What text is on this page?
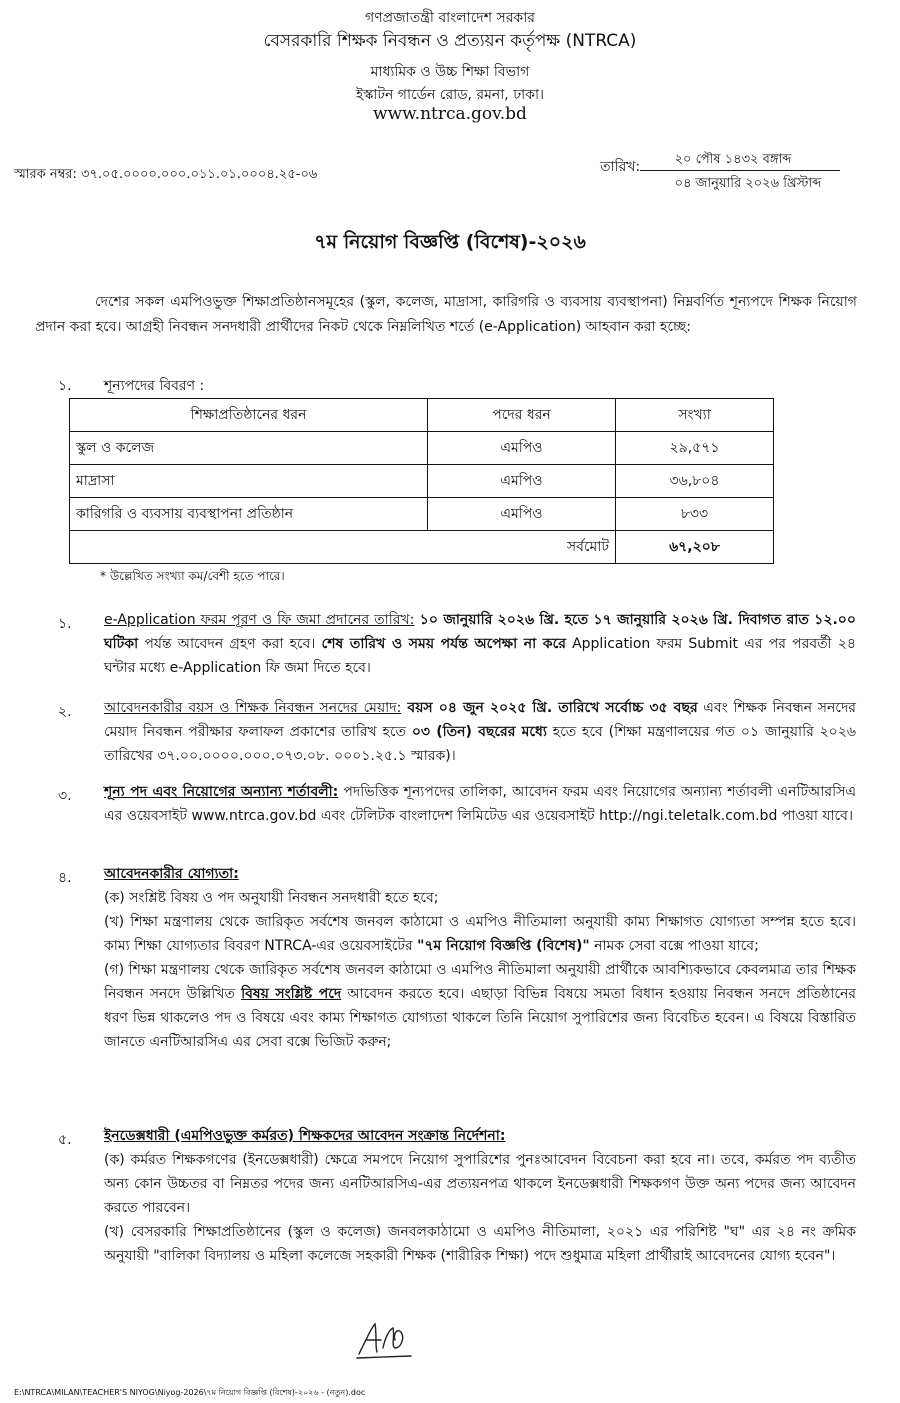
গণপ্রজাতন্ত্রী বাংলাদেশ সরকার
বেসরকারি শিক্ষক নিবন্ধন ও প্রত্যয়ন কর্তৃপক্ষ (NTRCA)
মাধ্যমিক ও উচ্চ শিক্ষা বিভাগ
ইস্কাটন গার্ডেন রোড, রমনা, ঢাকা।
www.ntrca.gov.bd
স্মারক নম্বর: ৩৭.০৫.০০০০.০০০.০১১.০১.০০০৪.২৫-০৬	তারিখ:	২০ পৌষ ১৪৩২ বঙ্গাব্দ
০৪ জানুয়ারি ২০২৬ খ্রিস্টাব্দ
৭ম নিয়োগ বিজ্ঞপ্তি (বিশেষ)-২০২৬
দেশের সকল এমপিওভুক্ত শিক্ষাপ্রতিষ্ঠানসমূহের (স্কুল, কলেজ, মাদ্রাসা, কারিগরি ও ব্যবসায় ব্যবস্থাপনা) নিম্নবর্ণিত শূন্যপদে শিক্ষক নিয়োগ প্রদান করা হবে। আগ্রহী নিবন্ধন সনদধারী প্রার্থীদের নিকট থেকে নিম্নলিখিত শর্তে (e-Application) আহবান করা হচ্ছে:
১. শূন্যপদের বিবরণ :
শিক্ষাপ্রতিষ্ঠানের ধরন	পদের ধরন	সংখ্যা
স্কুল ও কলেজ	এমপিও	২৯,৫৭১
মাদ্রাসা	এমপিও	৩৬,৮০৪
কারিগরি ও ব্যবসায় ব্যবস্থাপনা প্রতিষ্ঠান	এমপিও	৮৩৩
	সর্বমোট	৬৭,২০৮
* উল্লেখিত সংখ্যা কম/বেশী হতে পারে।
১. e-Application ফরম পূরণ ও ফি জমা প্রদানের তারিখ: ১০ জানুয়ারি ২০২৬ খ্রি. হতে ১৭ জানুয়ারি ২০২৬ খ্রি. দিবাগত রাত ১২.০০ ঘটিকা পর্যন্ত আবেদন গ্রহণ করা হবে। শেষ তারিখ ও সময় পর্যন্ত অপেক্ষা না করে Application ফরম Submit এর পর পরবর্তী ২৪ ঘন্টার মধ্যে e-Application ফি জমা দিতে হবে।
২. আবেদনকারীর বয়স ও শিক্ষক নিবন্ধন সনদের মেয়াদ: বয়স ০৪ জুন ২০২৫ খ্রি. তারিখে সর্বোচ্চ ৩৫ বছর এবং শিক্ষক নিবন্ধন সনদের মেয়াদ নিবন্ধন পরীক্ষার ফলাফল প্রকাশের তারিখ হতে ০৩ (তিন) বছরের মধ্যে হতে হবে (শিক্ষা মন্ত্রণালয়ের গত ০১ জানুয়ারি ২০২৬ তারিখের ৩৭.০০.০০০০.০০০.০৭৩.০৮. ০০০১.২৫.১ স্মারক)।
৩. শূন্য পদ এবং নিয়োগের অন্যান্য শর্তাবলী: পদভিত্তিক শূন্যপদের তালিকা, আবেদন ফরম এবং নিয়োগের অন্যান্য শর্তাবলী এনটিআরসিএ এর ওয়েবসাইট www.ntrca.gov.bd এবং টেলিটক বাংলাদেশ লিমিটেড এর ওয়েবসাইট http://ngi.teletalk.com.bd পাওয়া যাবে।
৪. আবেদনকারীর যোগ্যতা:
(ক) সংশ্লিষ্ট বিষয় ও পদ অনুযায়ী নিবন্ধন সনদধারী হতে হবে;
(খ) শিক্ষা মন্ত্রণালয় থেকে জারিকৃত সর্বশেষ জনবল কাঠামো ও এমপিও নীতিমালা অনুযায়ী কাম্য শিক্ষাগত যোগ্যতা সম্পন্ন হতে হবে। কাম্য শিক্ষা যোগ্যতার বিবরণ NTRCA-এর ওয়েবসাইটের "৭ম নিয়োগ বিজ্ঞপ্তি (বিশেষ)" নামক সেবা বক্সে পাওয়া যাবে;
(গ) শিক্ষা মন্ত্রণালয় থেকে জারিকৃত সর্বশেষ জনবল কাঠামো ও এমপিও নীতিমালা অনুযায়ী প্রার্থীকে আবশ্যিকভাবে কেবলমাত্র তার শিক্ষক নিবন্ধন সনদে উল্লিখিত বিষয় সংশ্লিষ্ট পদে আবেদন করতে হবে। এছাড়া বিভিন্ন বিষয়ে সমতা বিধান হওয়ায় নিবন্ধন সনদে প্রতিষ্ঠানের ধরণ ভিন্ন থাকলেও পদ ও বিষয়ে এবং কাম্য শিক্ষাগত যোগ্যতা থাকলে তিনি নিয়োগ সুপারিশের জন্য বিবেচিত হবেন। এ বিষয়ে বিস্তারিত জানতে এনটিআরসিএ এর সেবা বক্সে ভিজিট করুন;
৫. ইনডেক্সধারী (এমপিওভুক্ত কর্মরত) শিক্ষকদের আবেদন সংক্রান্ত নির্দেশনা:
(ক) কর্মরত শিক্ষকগণের (ইনডেক্সধারী) ক্ষেত্রে সমপদে নিয়োগ সুপারিশের পুনঃআবেদন বিবেচনা করা হবে না। তবে, কর্মরত পদ ব্যতীত অন্য কোন উচ্চতর বা নিম্নতর পদের জন্য এনটিআরসিএ-এর প্রত্যয়নপত্র থাকলে ইনডেক্সধারী শিক্ষকগণ উক্ত অন্য পদের জন্য আবেদন করতে পারবেন।
(খ) বেসরকারি শিক্ষাপ্রতিষ্ঠানের (স্কুল ও কলেজ) জনবলকাঠামো ও এমপিও নীতিমালা, ২০২১ এর পরিশিষ্ট "ঘ" এর ২৪ নং ক্রমিক অনুযায়ী "বালিকা বিদ্যালয় ও মহিলা কলেজে সহকারী শিক্ষক (শারীরিক শিক্ষা) পদে শুধুমাত্র মহিলা প্রার্থীরাই আবেদনের যোগ্য হবেন"।
E:\NTRCA\MILAN\TEACHER'S NIYOG\Niyog-2026\৭ম নিয়োগ বিজ্ঞপ্তি (বিশেষ)-২০২৬ - (নতুন).doc
